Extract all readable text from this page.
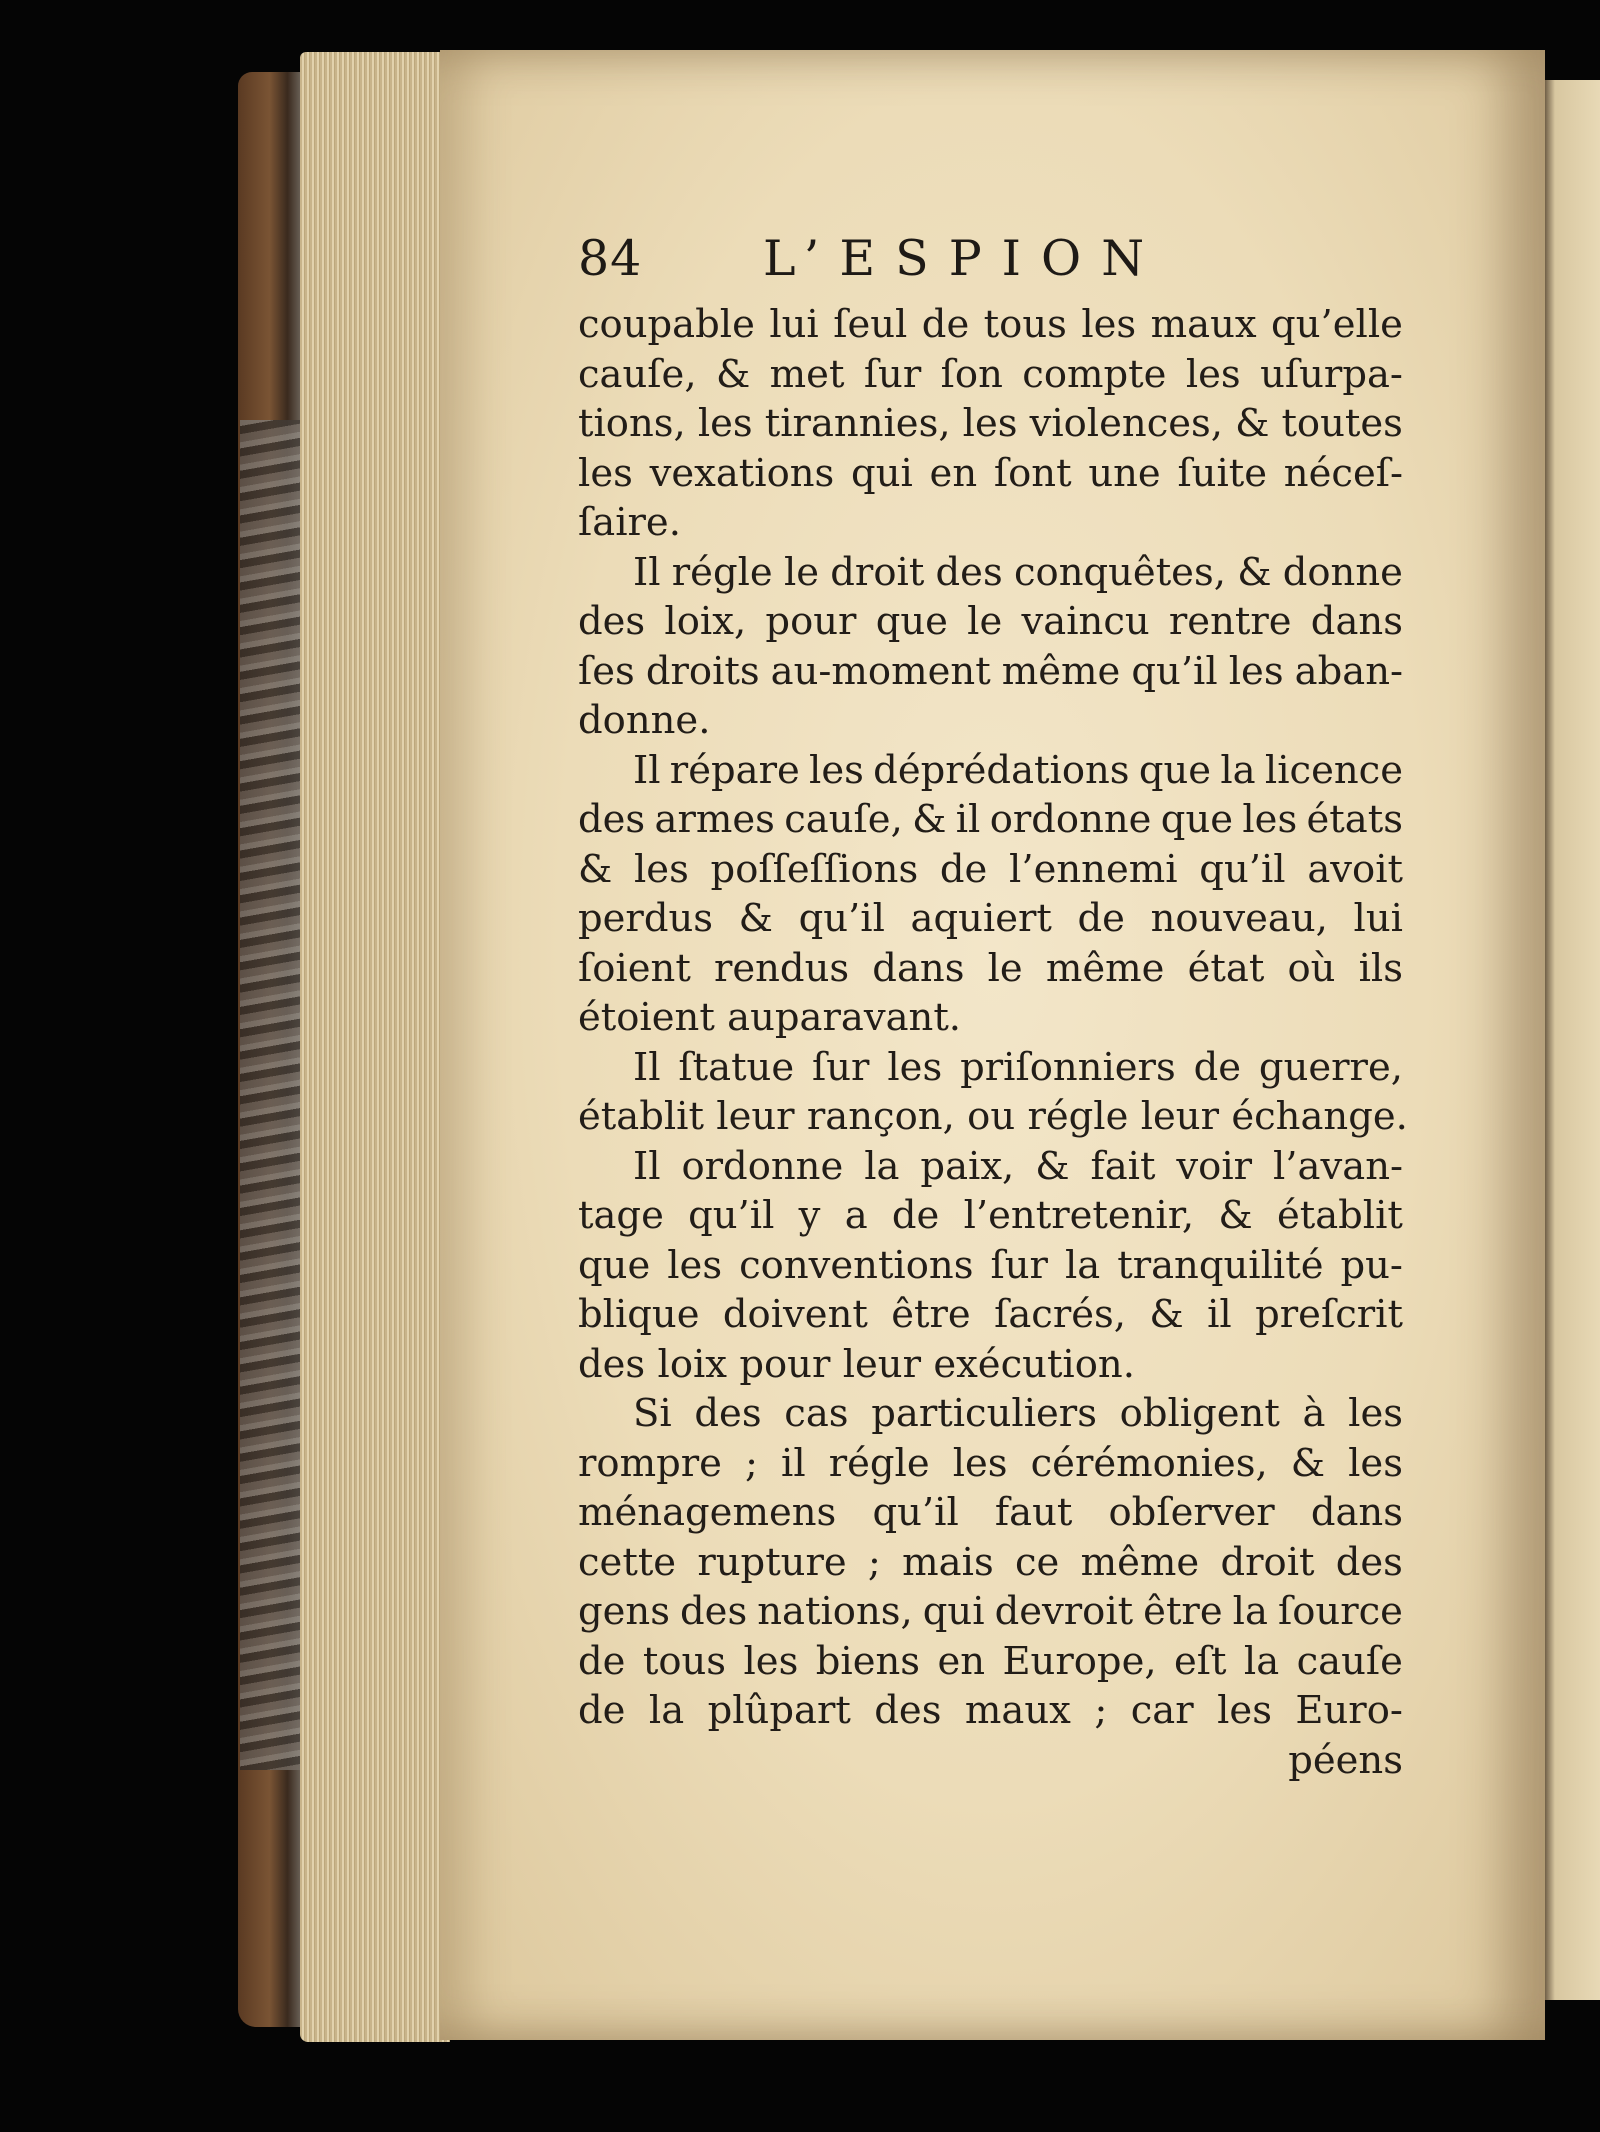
84 L’ESPION
coupable lui ſeul de tous les maux qu’elle
cauſe, & met ſur ſon compte les uſurpa-
tions, les tirannies, les violences, & toutes
les vexations qui en ſont une ſuite néceſ-
ſaire.
Il régle le droit des conquêtes, & donne
des loix, pour que le vaincu rentre dans
ſes droits au-moment même qu’il les aban-
donne.
Il répare les déprédations que la licence
des armes cauſe, & il ordonne que les états
& les poſſeſſions de l’ennemi qu’il avoit
perdus & qu’il aquiert de nouveau, lui
ſoient rendus dans le même état où ils
étoient auparavant.
Il ſtatue ſur les priſonniers de guerre,
établit leur rançon, ou régle leur échange.
Il ordonne la paix, & fait voir l’avan-
tage qu’il y a de l’entretenir, & établit
que les conventions ſur la tranquilité pu-
blique doivent être ſacrés, & il preſcrit
des loix pour leur exécution.
Si des cas particuliers obligent à les
rompre ; il régle les cérémonies, & les
ménagemens qu’il faut obſerver dans
cette rupture ; mais ce même droit des
gens des nations, qui devroit être la ſource
de tous les biens en Europe, eſt la cauſe
de la plûpart des maux ; car les Euro-
péens
